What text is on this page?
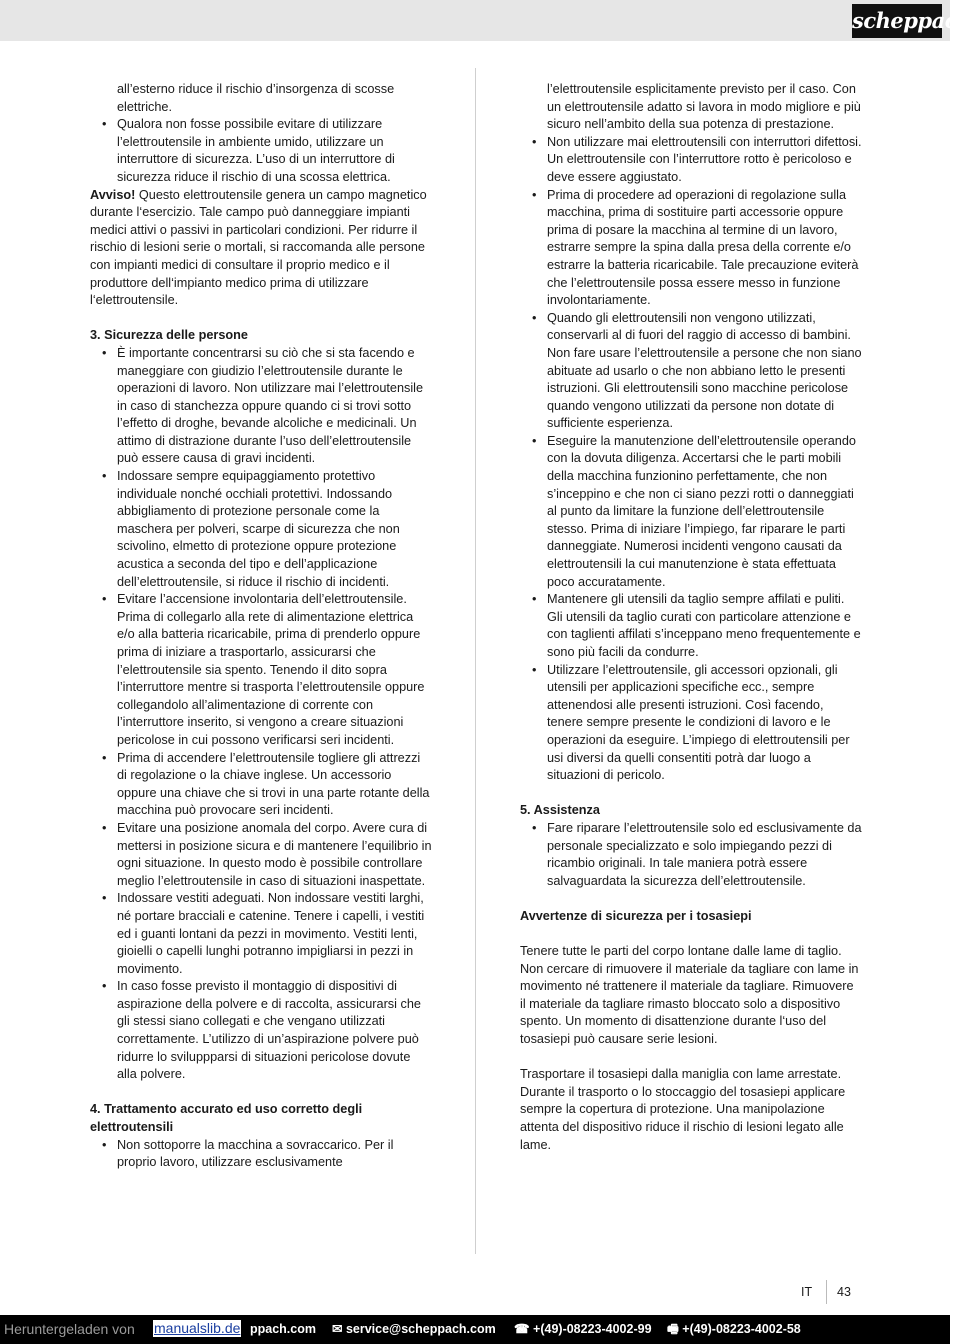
scheppach

all’esterno riduce il rischio d’insorgenza di scosse elettriche.

• Qualora non fosse possibile evitare di utilizzare l’elettroutensile in ambiente umido, utilizzare un interruttore di sicurezza. L’uso di un interruttore di sicurezza riduce il rischio di una scossa elettrica.

Avviso! Questo elettroutensile genera un campo magnetico durante l‘esercizio. Tale campo può danneggiare impianti medici attivi o passivi in particolari condizioni. Per ridurre il rischio di lesioni serie o mortali, si raccomanda alle persone con impianti medici di consultare il proprio medico e il produttore dell‘impianto medico prima di utilizzare l‘elettroutensile.

3. Sicurezza delle persone

• È importante concentrarsi su ciò che si sta facendo e maneggiare con giudizio l’elettroutensile durante le operazioni di lavoro. Non utilizzare mai l’elettroutensile in caso di stanchezza oppure quando ci si trovi sotto l’effetto di droghe, bevande alcoliche e medicinali. Un attimo di distrazione durante l’uso dell’elettroutensile può essere causa di gravi incidenti.
• Indossare sempre equipaggiamento protettivo individuale nonché occhiali protettivi. Indossando abbigliamento di protezione personale come la maschera per polveri, scarpe di sicurezza che non scivolino, elmetto di protezione oppure protezione acustica a seconda del tipo e dell’applicazione dell’elettroutensile, si riduce il rischio di incidenti.
• Evitare l’accensione involontaria dell’elettroutensile. Prima di collegarlo alla rete di alimentazione elettrica e/o alla batteria ricaricabile, prima di prenderlo oppure prima di iniziare a trasportarlo, assicurarsi che l’elettroutensile sia spento. Tenendo il dito sopra l’interruttore mentre si trasporta l’elettroutensile oppure collegandolo all’alimentazione di corrente con l’interruttore inserito, si vengono a creare situazioni pericolose in cui possono verificarsi seri incidenti.
• Prima di accendere l’elettroutensile togliere gli attrezzi di regolazione o la chiave inglese. Un accessorio oppure una chiave che si trovi in una parte rotante della macchina può provocare seri incidenti.
• Evitare una posizione anomala del corpo. Avere cura di mettersi in posizione sicura e di mantenere l’equilibrio in ogni situazione. In questo modo è possibile controllare meglio l’elettroutensile in caso di situazioni inaspettate.
• Indossare vestiti adeguati. Non indossare vestiti larghi, né portare bracciali e catenine. Tenere i capelli, i vestiti ed i guanti lontani da pezzi in movimento. Vestiti lenti, gioielli o capelli lunghi potranno impigliarsi in pezzi in movimento.
• In caso fosse previsto il montaggio di dispositivi di aspirazione della polvere e di raccolta, assicurarsi che gli stessi siano collegati e che vengano utilizzati correttamente. L’utilizzo di un’aspirazione polvere può ridurre lo sviluppparsi di situazioni pericolose dovute alla polvere.

4. Trattamento accurato ed uso corretto degli elettroutensili

• Non sottoporre la macchina a sovraccarico. Per il proprio lavoro, utilizzare esclusivamente

l’elettroutensile esplicitamente previsto per il caso. Con un elettroutensile adatto si lavora in modo migliore e più sicuro nell’ambito della sua potenza di prestazione.

• Non utilizzare mai elettroutensili con interruttori difettosi. Un elettroutensile con l’interruttore rotto è pericoloso e deve essere aggiustato.
• Prima di procedere ad operazioni di regolazione sulla macchina, prima di sostituire parti accessorie oppure prima di posare la macchina al termine di un lavoro, estrarre sempre la spina dalla presa della corrente e/o estrarre la batteria ricaricabile. Tale precauzione eviterà che l’elettroutensile possa essere messo in funzione involontariamente.
• Quando gli elettroutensili non vengono utilizzati, conservarli al di fuori del raggio di accesso di bambini. Non fare usare l’elettroutensile a persone che non siano abituate ad usarlo o che non abbiano letto le presenti istruzioni. Gli elettroutensili sono macchine pericolose quando vengono utilizzati da persone non dotate di sufficiente esperienza.
• Eseguire la manutenzione dell’elettroutensile operando con la dovuta diligenza. Accertarsi che le parti mobili della macchina funzionino perfettamente, che non s’inceppino e che non ci siano pezzi rotti o danneggiati al punto da limitare la funzione dell’elettroutensile stesso. Prima di iniziare l’impiego, far riparare le parti danneggiate. Numerosi incidenti vengono causati da elettroutensili la cui manutenzione è stata effettuata poco accuratamente.
• Mantenere gli utensili da taglio sempre affilati e puliti. Gli utensili da taglio curati con particolare attenzione e con taglienti affilati s’inceppano meno frequentemente e sono più facili da condurre.
• Utilizzare l’elettroutensile, gli accessori opzionali, gli utensili per applicazioni specifiche ecc., sempre attenendosi alle presenti istruzioni. Così facendo, tenere sempre presente le condizioni di lavoro e le operazioni da eseguire. L’impiego di elettroutensili per usi diversi da quelli consentiti potrà dar luogo a situazioni di pericolo.

5. Assistenza

• Fare riparare l’elettroutensile solo ed esclusivamente da personale specializzato e solo impiegando pezzi di ricambio originali. In tale maniera potrà essere salvaguardata la sicurezza dell’elettroutensile.

Avvertenze di sicurezza per i tosasiepi

Tenere tutte le parti del corpo lontane dalle lame di taglio. Non cercare di rimuovere il materiale da tagliare con lame in movimento né trattenere il materiale da tagliare. Rimuovere il materiale da tagliare rimasto bloccato solo a dispositivo spento. Un momento di disattenzione durante l‘uso del tosasiepi può causare serie lesioni.

Trasportare il tosasiepi dalla maniglia con lame arrestate. Durante il trasporto o lo stoccaggio del tosasiepi applicare sempre la copertura di protezione. Una manipolazione attenta del dispositivo riduce il rischio di lesioni legato alle lame.

IT 43
Heruntergeladen von	ppach.com ✉ service@scheppach.com ☎ +(49)-08223-4002-99 🖷 +(49)-08223-4002-58
manualslib.de
